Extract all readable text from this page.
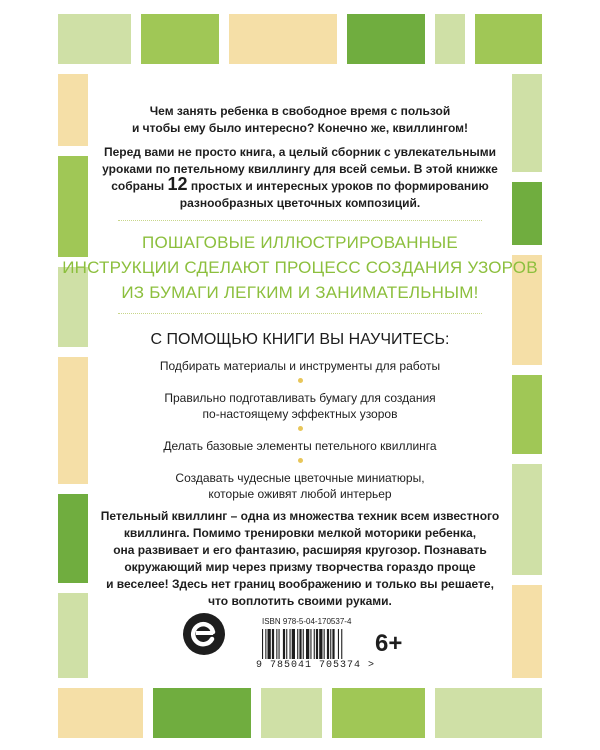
Чем занять ребенка в свободное время с пользой
и чтобы ему было интересно? Конечно же, квиллингом!
Перед вами не просто книга, а целый сборник с увлекательными
уроками по петельному квиллингу для всей семьи. В этой книжке
собраны 12 простых и интересных уроков по формированию
разнообразных цветочных композиций.
ПОШАГОВЫЕ ИЛЛЮСТРИРОВАННЫЕ
ИНСТРУКЦИИ СДЕЛАЮТ ПРОЦЕСС СОЗДАНИЯ УЗОРОВ
ИЗ БУМАГИ ЛЕГКИМ И ЗАНИМАТЕЛЬНЫМ!
С ПОМОЩЬЮ КНИГИ ВЫ НАУЧИТЕСЬ:
Подбирать материалы и инструменты для работы
Правильно подготавливать бумагу для создания
по-настоящему эффектных узоров
Делать базовые элементы петельного квиллинга
Создавать чудесные цветочные миниатюры,
которые оживят любой интерьер
Петельный квиллинг – одна из множества техник всем известного
квиллинга. Помимо тренировки мелкой моторики ребенка,
она развивает и его фантазию, расширяя кругозор. Познавать
окружающий мир через призму творчества гораздо проще
и веселее! Здесь нет границ воображению и только вы решаете,
что воплотить своими руками.
ISBN 978-5-04-170537-4
9 785041 705374 >
6+
